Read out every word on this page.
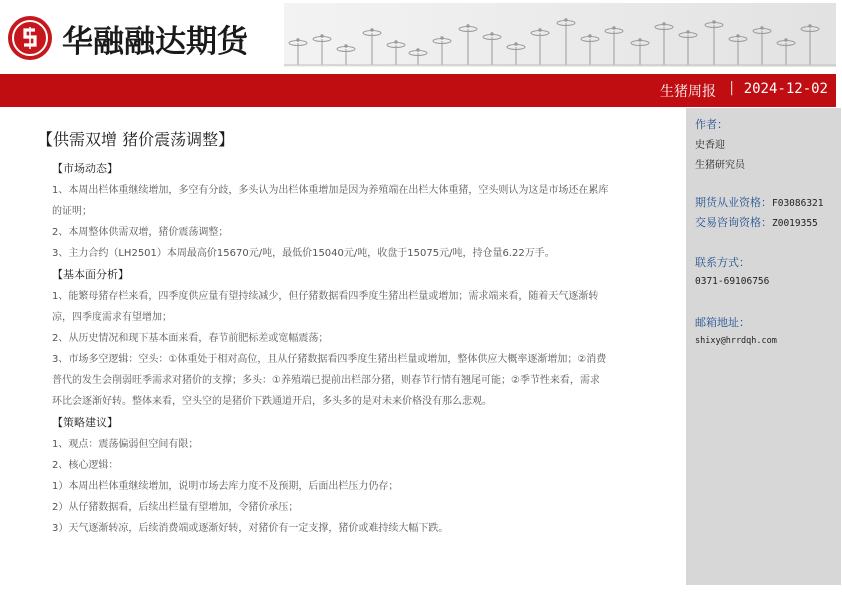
华融融达期货
生猪周报 | 2024-12-02
【供需双增 猪价震荡调整】
【市场动态】

1、本周出栏体重继续增加，多空有分歧，多头认为出栏体重增加是因为养殖端在出栏大体重猪，空头则认为这是市场还在累库

的证明；

2、本周整体供需双增，猪价震荡调整；

3、主力合约（LH2501）本周最高价15670元/吨，最低价15040元/吨，收盘于15075元/吨，持仓量6.22万手。

【基本面分析】

1、能繁母猪存栏来看，四季度供应量有望持续减少，但仔猪数据看四季度生猪出栏量或增加；需求端来看，随着天气逐渐转

凉，四季度需求有望增加；

2、从历史情况和现下基本面来看，春节前肥标差或宽幅震荡；

3、市场多空逻辑：空头：①体重处于相对高位，且从仔猪数据看四季度生猪出栏量或增加，整体供应大概率逐渐增加；②消费

普代的发生会削弱旺季需求对猪价的支撑；多头：①养殖端已提前出栏部分猪，则春节行情有翘尾可能；②季节性来看，需求

环比会逐渐好转。整体来看，空头空的是猪价下跌通道开启，多头多的是对未来价格没有那么悲观。

【策略建议】

1、观点：震荡偏弱但空间有限；

2、核心逻辑：

1）本周出栏体重继续增加，说明市场去库力度不及预期，后面出栏压力仍存；

2）从仔猪数据看，后续出栏量有望增加，令猪价承压；

3）天气逐渐转凉，后续消费端或逐渐好转，对猪价有一定支撑，猪价或难持续大幅下跌。

作者：
史香迎
生猪研究员
期货从业资格：F03086321
交易咨询资格：Z0019355
联系方式：
0371-69106756
邮箱地址：
shixy@hrrdqh.com
